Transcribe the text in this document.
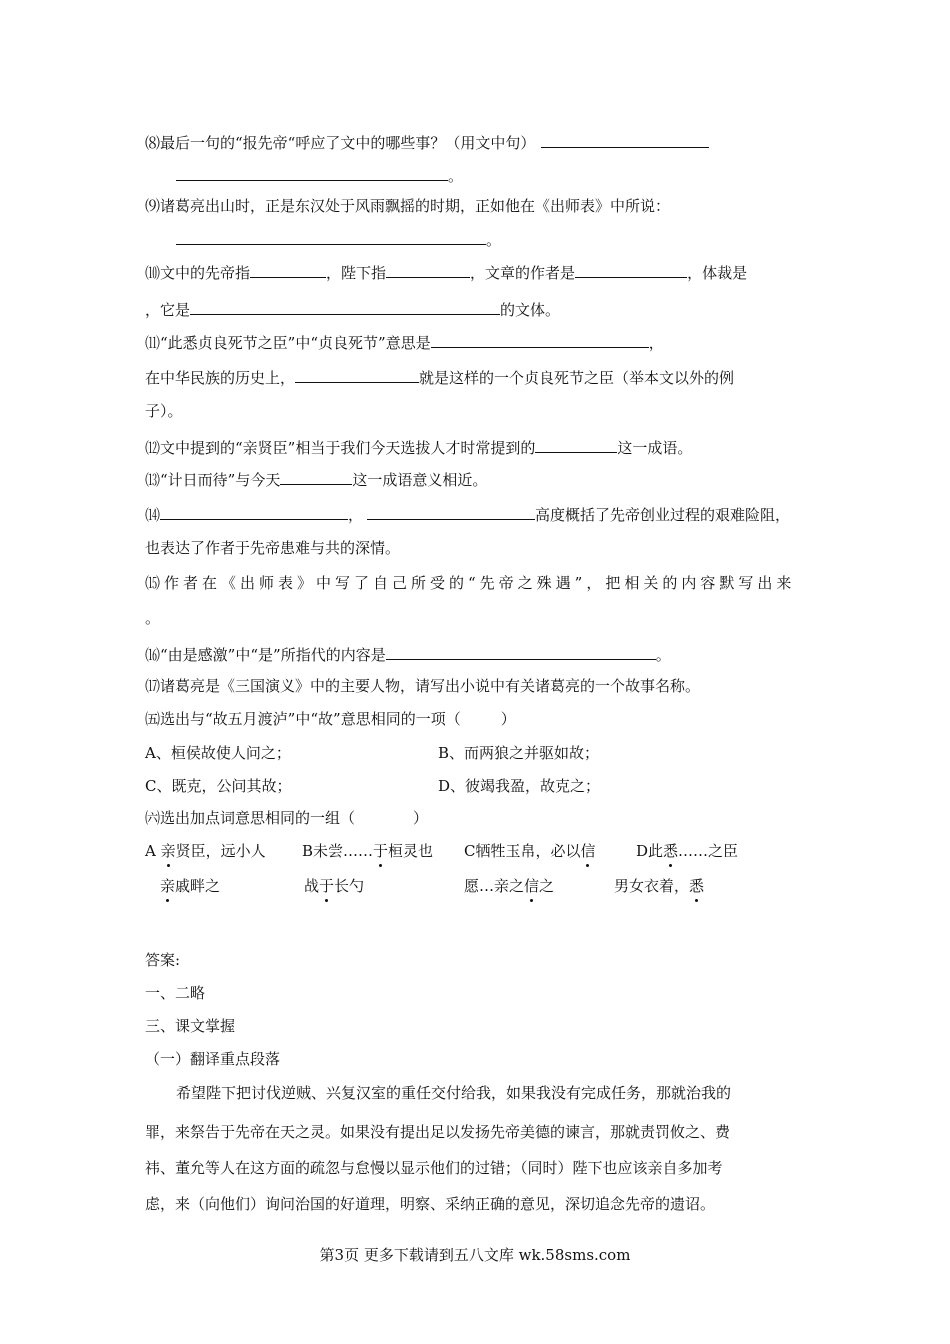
⑻最后一句的“报先帝“呼应了文中的哪些事？（用文中句）
。
⑼诸葛亮出山时，正是东汉处于风雨飘摇的时期，正如他在《出师表》中所说：
。
⑽文中的先帝指	，陛下指	，文章的作者是	，体裁是
，它是	的文体。
⑾“此悉贞良死节之臣”中“贞良死节”意思是	，
在中华民族的历史上，	就是这样的一个贞良死节之臣（举本文以外的例
子）。
⑿文中提到的“亲贤臣”相当于我们今天选拔人才时常提到的	这一成语。
⒀“计日而待”与今天	这一成语意义相近。
⒁	，	高度概括了先帝创业过程的艰难险阻，
也表达了作者于先帝患难与共的深情。
⒂作者在《出师表》中写了自己所受的“先帝之殊遇”，把相关的内容默写出来
。
⒃“由是感激”中“是”所指代的内容是	。
⒄诸葛亮是《三国演义》中的主要人物，请写出小说中有关诸葛亮的一个故事名称。
㈤选出与“故五月渡泸”中“故”意思相同的一项（	）
A、桓侯故使人问之；	B、而两狼之并驱如故；
C、既克，公问其故；	D、彼竭我盈，故克之；
㈥选出加点词意思相同的一组（	）
A 亲贤臣，远小人 B未尝……于桓灵也 C牺牲玉帛，必以信	D此悉……之臣
亲戚畔之	战于长勺	愿…亲之信之	男女衣着，悉
答案:
一、二略
三、课文掌握
（一）翻译重点段落
希望陛下把讨伐逆贼、兴复汉室的重任交付给我，如果我没有完成任务，那就治我的
罪，来祭告于先帝在天之灵。如果没有提出足以发扬先帝美德的谏言，那就责罚攸之、费
祎、董允等人在这方面的疏忽与怠慢以显示他们的过错；（同时）陛下也应该亲自多加考
虑，来（向他们）询问治国的好道理，明察、采纳正确的意见，深切追念先帝的遗诏。
第3页 更多下载请到五八文库 wk.58sms.com
